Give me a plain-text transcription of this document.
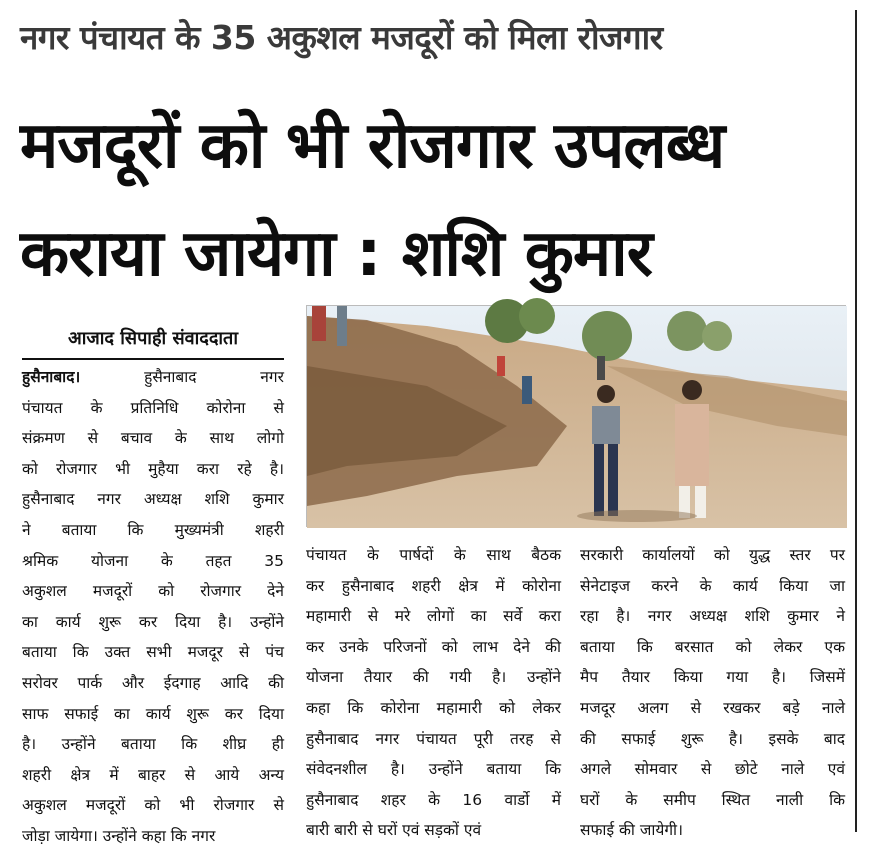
नगर पंचायत के 35 अकुशल मजदूरों को मिला रोजगार
मजदूरों को भी रोजगार उपलब्ध
कराया जायेगा : शशि कुमार
आजाद सिपाही संवाददाता
हुसैनाबाद।	हुसैनाबाद नगर
पंचायत के प्रतिनिधि कोरोना से
संक्रमण से बचाव के साथ लोगो
को रोजगार भी मुहैया करा रहे है।
हुसैनाबाद नगर अध्यक्ष शशि कुमार
ने बताया कि मुख्यमंत्री शहरी
श्रमिक योजना के तहत 35
अकुशल मजदूरों को रोजगार देने
का कार्य शुरू कर दिया है। उन्होंने
बताया कि उक्त सभी मजदूर से पंच
सरोवर पार्क और ईदगाह आदि की
साफ सफाई का कार्य शुरू कर दिया
है। उन्होंने बताया कि शीघ्र ही
शहरी क्षेत्र में बाहर से आये अन्य
अकुशल मजदूरों को भी रोजगार से
जोड़ा जायेगा। उन्होंने कहा कि नगर
पंचायत के पार्षदों के साथ बैठक
कर हुसैनाबाद शहरी क्षेत्र में कोरोना
महामारी से मरे लोगों का सर्वे करा
कर उनके परिजनों को लाभ देने की
योजना तैयार की गयी है। उन्होंने
कहा कि कोरोना महामारी को लेकर
हुसैनाबाद नगर पंचायत पूरी तरह से
संवेदनशील है। उन्होंने बताया कि
हुसैनाबाद शहर के 16 वार्डो में
बारी बारी से घरों एवं सड़कों एवं
सरकारी कार्यालयों को युद्ध स्तर पर
सेनेटाइज करने के कार्य किया जा
रहा है। नगर अध्यक्ष शशि कुमार ने
बताया कि बरसात को लेकर एक
मैप तैयार किया गया है। जिसमें
मजदूर अलग से रखकर बड़े नाले
की सफाई शुरू है। इसके बाद
अगले सोमवार से छोटे नाले एवं
घरों के समीप स्थित नाली कि
सफाई की जायेगी।
